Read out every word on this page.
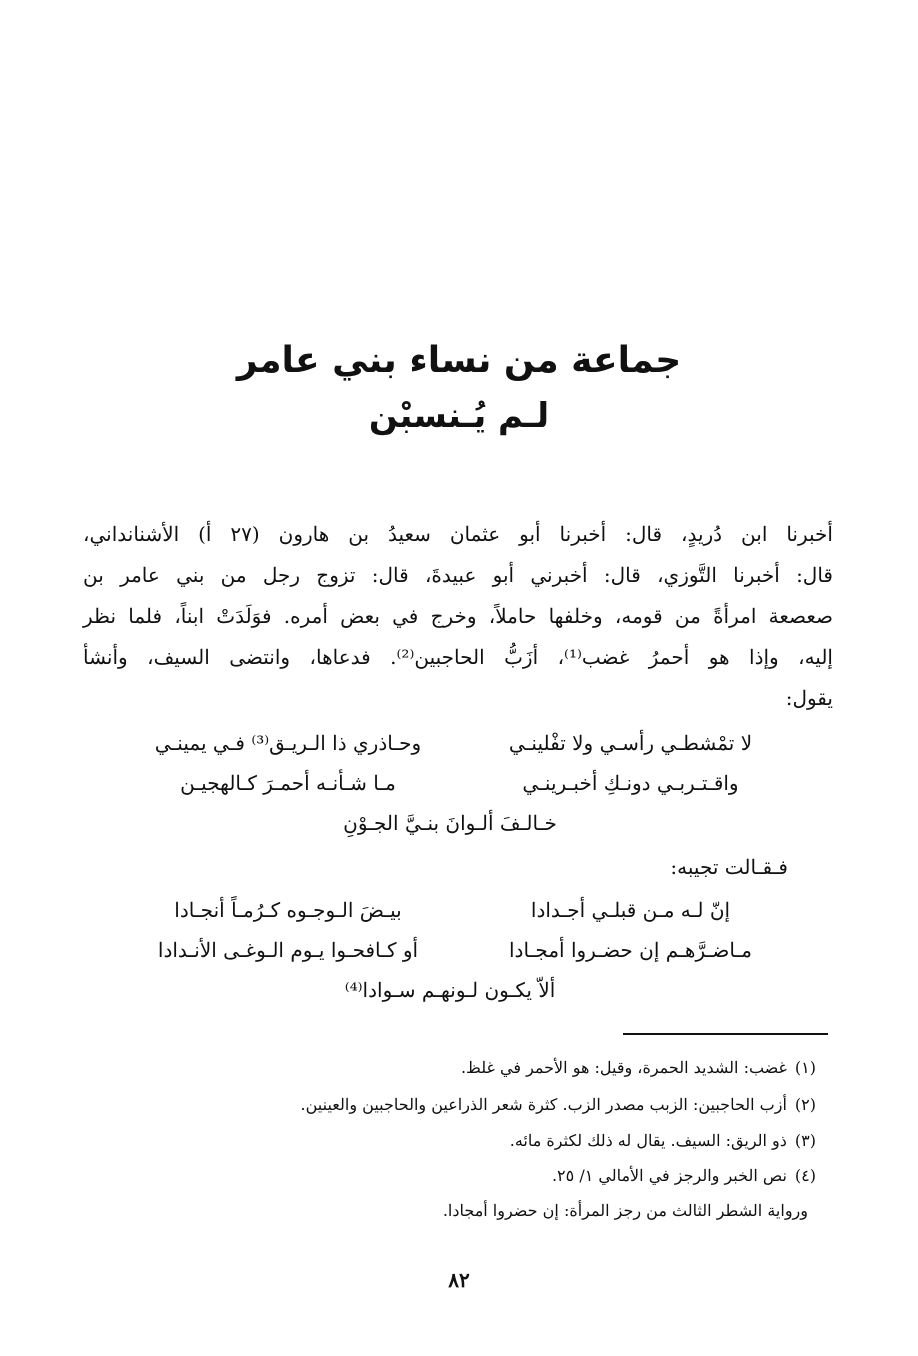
جماعة من نساء بني عامر
لـم يُـنسبْن
أخبرنا ابن دُريدٍ، قال: أخبرنا أبو عثمان سعيدُ بن هارون (٢٧ أ) الأشنانداني،
قال: أخبرنا التَّوزي، قال: أخبرني أبو عبيدةَ، قال: تزوج رجل من بني عامر بن
صعصعة امرأةً من قومه، وخلفها حاملاً، وخرج في بعض أمره. فوَلَدَتْ ابناً، فلما نظر
إليه، وإذا هو أحمرُ غضب⁽¹⁾، أزَبُّ الحاجبين⁽²⁾. فدعاها، وانتضى السيف، وأنشأ
يقول:
لا تمْشطـي رأسـي ولا تفْلينـي
وحـاذري ذا الـريـق⁽³⁾ فـي يمينـي
واقـتـربـي دونـكِ أخبـرينـي
مـا شـأنـه أحمـرَ كـالهجيـن
خـالـفَ ألـوانَ بنـيَّ الجـوْنِ
فـقـالت تجيبه:
إنّ لـه مـن قبلـي أجـدادا
بيـضَ الـوجـوه كـرُمـاً أنجـادا
مـاضـرَّهـم إن حضـروا أمجـادا
أو كـافحـوا يـوم الـوغـى الأنـدادا
ألاّ يكـون لـونهـم سـوادا⁽⁴⁾
(١)غضب: الشديد الحمرة، وقيل: هو الأحمر في غلظ.
(٢)أزب الحاجبين: الزبب مصدر الزب. كثرة شعر الذراعين والحاجبين والعينين.
(٣)ذو الريق: السيف. يقال له ذلك لكثرة مائه.
(٤)نص الخبر والرجز في الأمالي ١/ ٢٥.
ورواية الشطر الثالث من رجز المرأة: إن حضروا أمجادا.
٨٢
